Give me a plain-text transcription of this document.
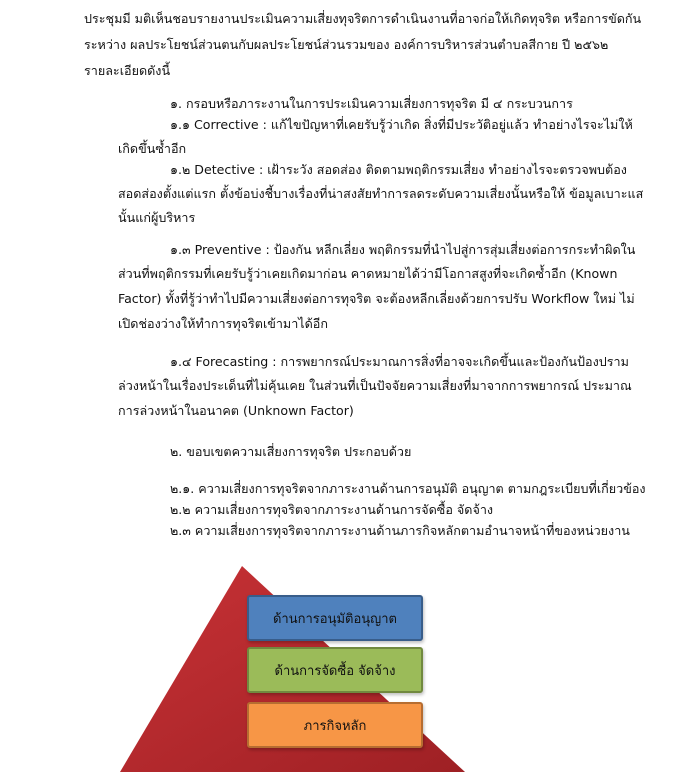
ประชุมมี มติเห็นชอบรายงานประเมินความเสี่ยงทุจริตการดำเนินงานที่อาจก่อให้เกิดทุจริต หรือการขัดกัน
ระหว่าง ผลประโยชน์ส่วนตนกับผลประโยชน์ส่วนรวมของ องค์การบริหารส่วนตำบลสีกาย ปี ๒๕๖๒
รายละเอียดดังนี้
๑. กรอบหรือภาระงานในการประเมินความเสี่ยงการทุจริต มี ๔ กระบวนการ
๑.๑ Corrective : แก้ไขปัญหาที่เคยรับรู้ว่าเกิด สิ่งที่มีประวัติอยู่แล้ว ทำอย่างไรจะไม่ให้
เกิดขึ้นซ้ำอีก
๑.๒ Detective : เฝ้าระวัง สอดส่อง ติดตามพฤติกรรมเสี่ยง ทำอย่างไรจะตรวจพบต้อง
สอดส่องตั้งแต่แรก ตั้งข้อบ่งชี้บางเรื่องที่น่าสงสัยทำการลดระดับความเสี่ยงนั้นหรือให้ ข้อมูลเบาะแส
นั้นแก่ผู้บริหาร
๑.๓ Preventive : ป้องกัน หลีกเลี่ยง พฤติกรรมที่นำไปสู่การสุ่มเสี่ยงต่อการกระทำผิดใน
ส่วนที่พฤติกรรมที่เคยรับรู้ว่าเคยเกิดมาก่อน คาดหมายได้ว่ามีโอกาสสูงที่จะเกิดซ้ำอีก (Known
Factor) ทั้งที่รู้ว่าทำไปมีความเสี่ยงต่อการทุจริต จะต้องหลีกเลี่ยงด้วยการปรับ Workflow ใหม่ ไม่
เปิดช่องว่างให้ทำการทุจริตเข้ามาได้อีก
๑.๔ Forecasting : การพยากรณ์ประมาณการสิ่งที่อาจจะเกิดขึ้นและป้องกันป้องปราม
ล่วงหน้าในเรื่องประเด็นที่ไม่คุ้นเคย ในส่วนที่เป็นปัจจัยความเสี่ยงที่มาจากการพยากรณ์ ประมาณ
การล่วงหน้าในอนาคต (Unknown Factor)
๒. ขอบเขตความเสี่ยงการทุจริต ประกอบด้วย
๒.๑. ความเสี่ยงการทุจริตจากภาระงานด้านการอนุมัติ อนุญาต ตามกฎระเบียบที่เกี่ยวข้อง
๒.๒ ความเสี่ยงการทุจริตจากภาระงานด้านการจัดซื้อ จัดจ้าง
๒.๓ ความเสี่ยงการทุจริตจากภาระงานด้านภารกิจหลักตามอำนาจหน้าที่ของหน่วยงาน
ด้านการอนุมัติอนุญาต
ด้านการจัดซื้อ จัดจ้าง
ภารกิจหลัก
